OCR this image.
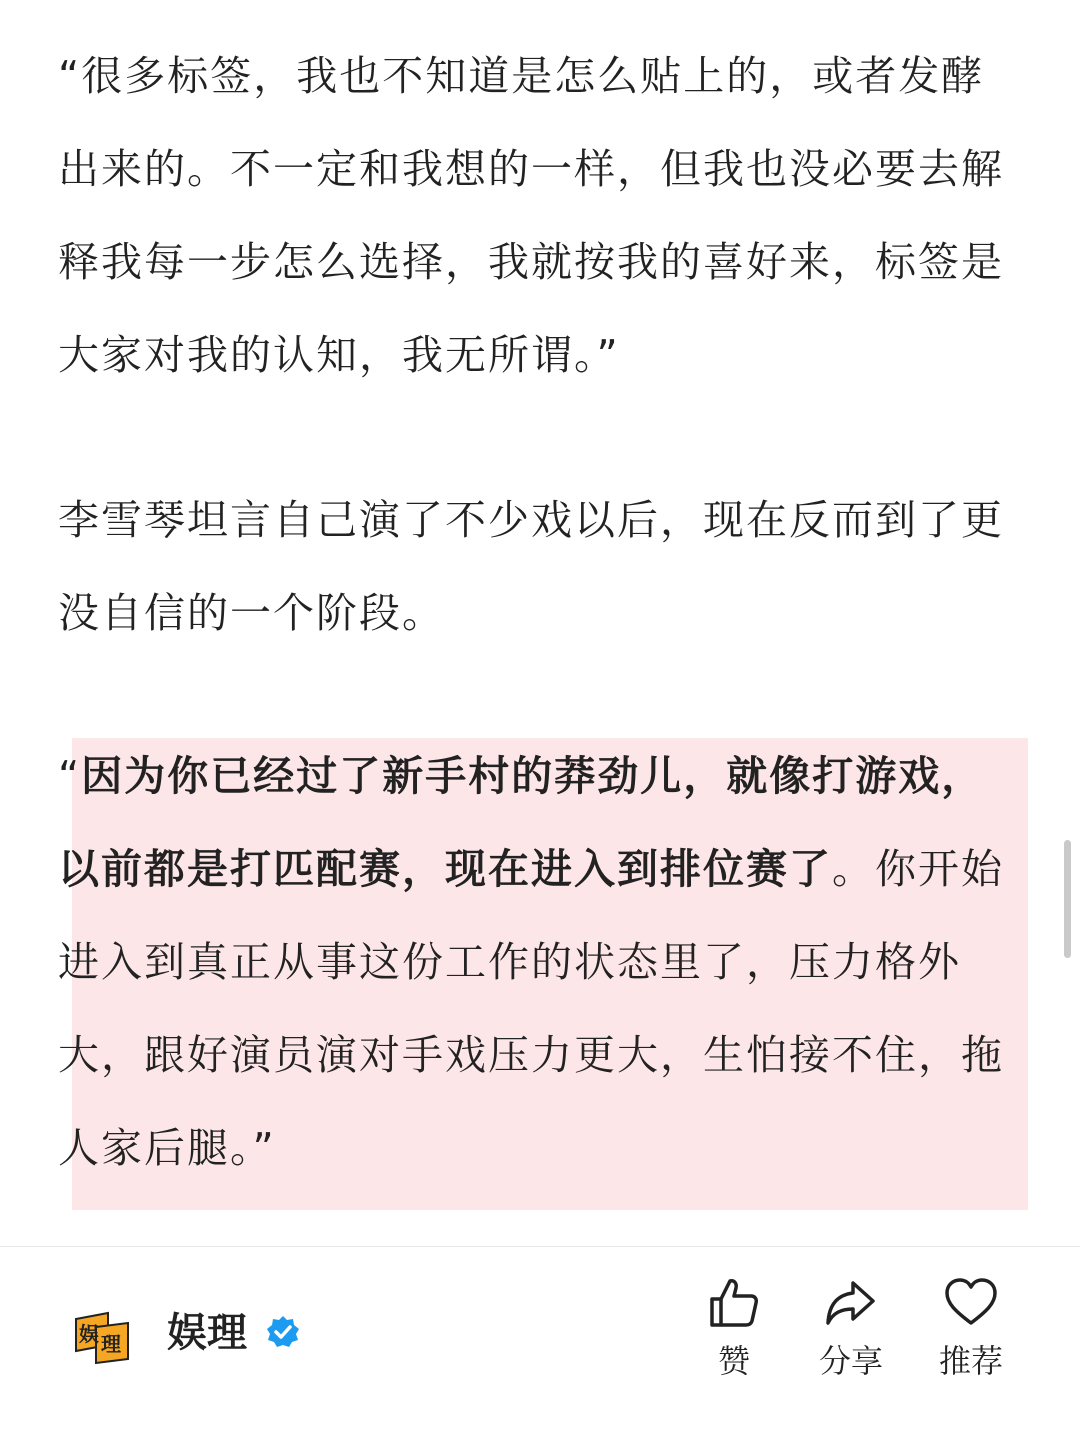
“很多标签，我也不知道是怎么贴上的，或者发酵出来的。不一定和我想的一样，但我也没必要去解释我每一步怎么选择，我就按我的喜好来，标签是大家对我的认知，我无所谓。”

李雪琴坦言自己演了不少戏以后，现在反而到了更没自信的一个阶段。

“因为你已经过了新手村的莽劲儿，就像打游戏，以前都是打匹配赛，现在进入到排位赛了。你开始进入到真正从事这份工作的状态里了，压力格外大，跟好演员演对手戏压力更大，生怕接不住，拖人家后腿。”

娱 理 娱理
赞	分享	推荐
